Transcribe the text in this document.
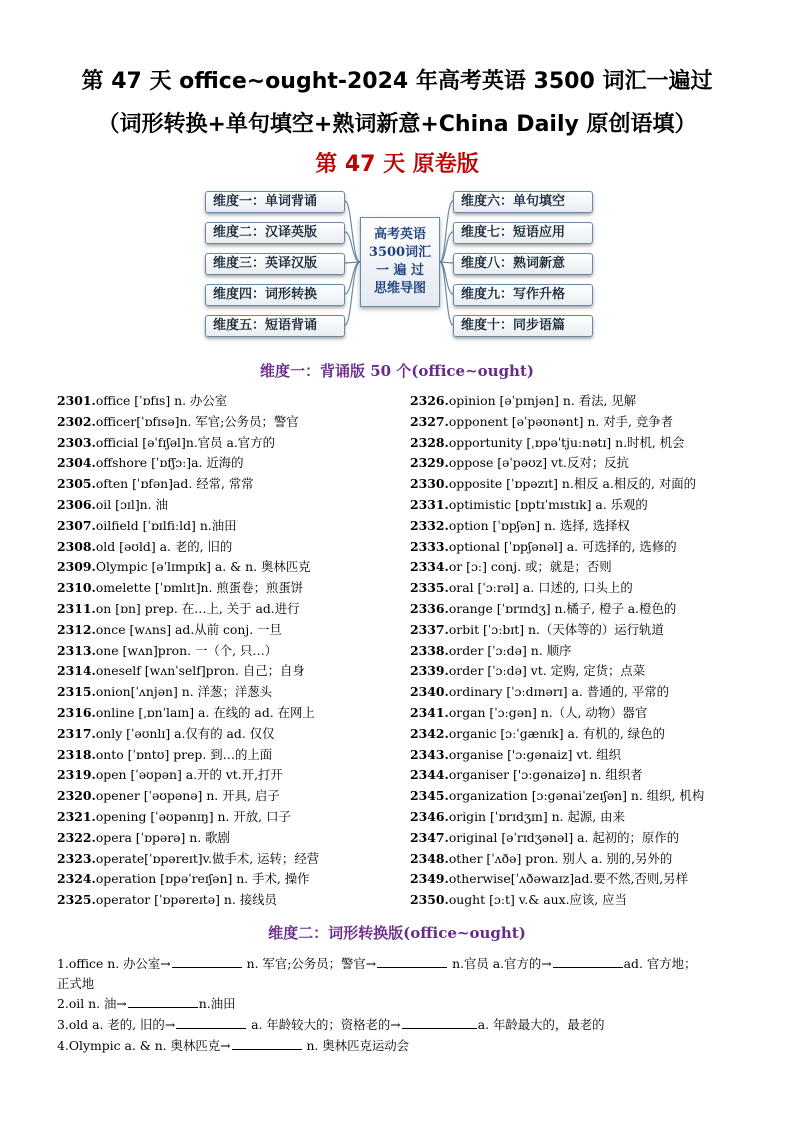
第 47 天 office~ought-2024 年高考英语 3500 词汇一遍过
（词形转换+单句填空+熟词新意+China Daily 原创语填）
第 47 天 原卷版
维度一：单词背诵
维度二：汉译英版
维度三：英译汉版
维度四：词形转换
维度五：短语背诵
维度六：单句填空
维度七：短语应用
维度八：熟词新意
维度九：写作升格
维度十：同步语篇
高考英语
3500词汇
一 遍 过
思维导图
维度一：背诵版 50 个(office~ought)
2301.office [ˈɒfɪs] n. 办公室
2302.officer[ˈɒfɪsə]n. 军官;公务员；警官
2303.official [əˈfɪʃəl]n.官员 a.官方的
2304.offshore [ˈɒfʃɔː]a. 近海的
2305.often [ˈɒfən]ad. 经常, 常常
2306.oil [ɔɪl]n. 油
2307.oilfield [ˈɒɪlfiːld] n.油田
2308.old [əʊld] a. 老的, 旧的
2309.Olympic [əˈlɪmpɪk] a. & n. 奥林匹克
2310.omelette [ˈɒmlɪt]n. 煎蛋卷；煎蛋饼
2311.on [ɒn] prep. 在…上, 关于 ad.进行
2312.once [wʌns] ad.从前 conj. 一旦
2313.one [wʌn]pron. 一（个, 只…）
2314.oneself [wʌnˈself]pron. 自己；自身
2315.onion[ˈʌnjən] n. 洋葱；洋葱头
2316.online [ˌɒnˈlaɪn] a. 在线的 ad. 在网上
2317.only [ˈəʊnlɪ] a.仅有的 ad. 仅仅
2318.onto [ˈɒntʊ] prep. 到…的上面
2319.open [ˈəʊpən] a.开的 vt.开,打开
2320.opener [ˈəʊpənə] n. 开具, 启子
2321.opening [ˈəʊpənɪŋ] n. 开放, 口子
2322.opera [ˈɒpərə] n. 歌剧
2323.operate[ˈɒpəreɪt]v.做手术, 运转；经营
2324.operation [ɒpəˈreɪʃən] n. 手术, 操作
2325.operator [ˈɒpəreɪtə] n. 接线员
2326.opinion [əˈpɪnjən] n. 看法, 见解
2327.opponent [əˈpəʊnənt] n. 对手, 竞争者
2328.opportunity [ˌɒpəˈtjuːnətɪ] n.时机, 机会
2329.oppose [əˈpəʊz] vt.反对；反抗
2330.opposite [ˈɒpəzɪt] n.相反 a.相反的, 对面的
2331.optimistic [ɒptɪˈmɪstɪk] a. 乐观的
2332.option [ˈɒpʃən] n. 选择, 选择权
2333.optional [ˈɒpʃənəl] a. 可选择的, 选修的
2334.or [ɔː] conj. 或；就是；否则
2335.oral [ˈɔːrəl] a. 口述的, 口头上的
2336.orange [ˈɒrɪndʒ] n.橘子, 橙子 a.橙色的
2337.orbit [ˈɔːbɪt] n.（天体等的）运行轨道
2338.order [ˈɔːdə] n. 顺序
2339.order [ˈɔːdə] vt. 定购, 定货；点菜
2340.ordinary [ˈɔːdɪnərɪ] a. 普通的, 平常的
2341.organ [ˈɔːgən] n.（人, 动物）器官
2342.organic [ɔːˈgænɪk] a. 有机的, 绿色的
2343.organise ['ɔ:gənaiz] vt. 组织
2344.organiser ['ɔ:gənaizə] n. 组织者
2345.organization [ɔ:gənaiˈzeɪʃən] n. 组织, 机构
2346.origin [ˈɒrɪdʒɪn] n. 起源, 由来
2347.original [əˈrɪdʒənəl] a. 起初的；原作的
2348.other [ˈʌðə] pron. 别人 a. 别的,另外的
2349.otherwise[ˈʌðəwaɪz]ad.要不然,否则,另样
2350.ought [ɔːt] v.& aux.应该, 应当
维度二：词形转换版(office~ought)
1.office n. 办公室→	n. 军官;公务员；警官→	n.官员 a.官方的→	ad. 官方地；
正式地
2.oil n. 油→	n.油田
3.old a. 老的, 旧的→	a. 年龄较大的；资格老的→	a. 年龄最大的，最老的
4.Olympic a. & n. 奥林匹克→	n. 奥林匹克运动会
